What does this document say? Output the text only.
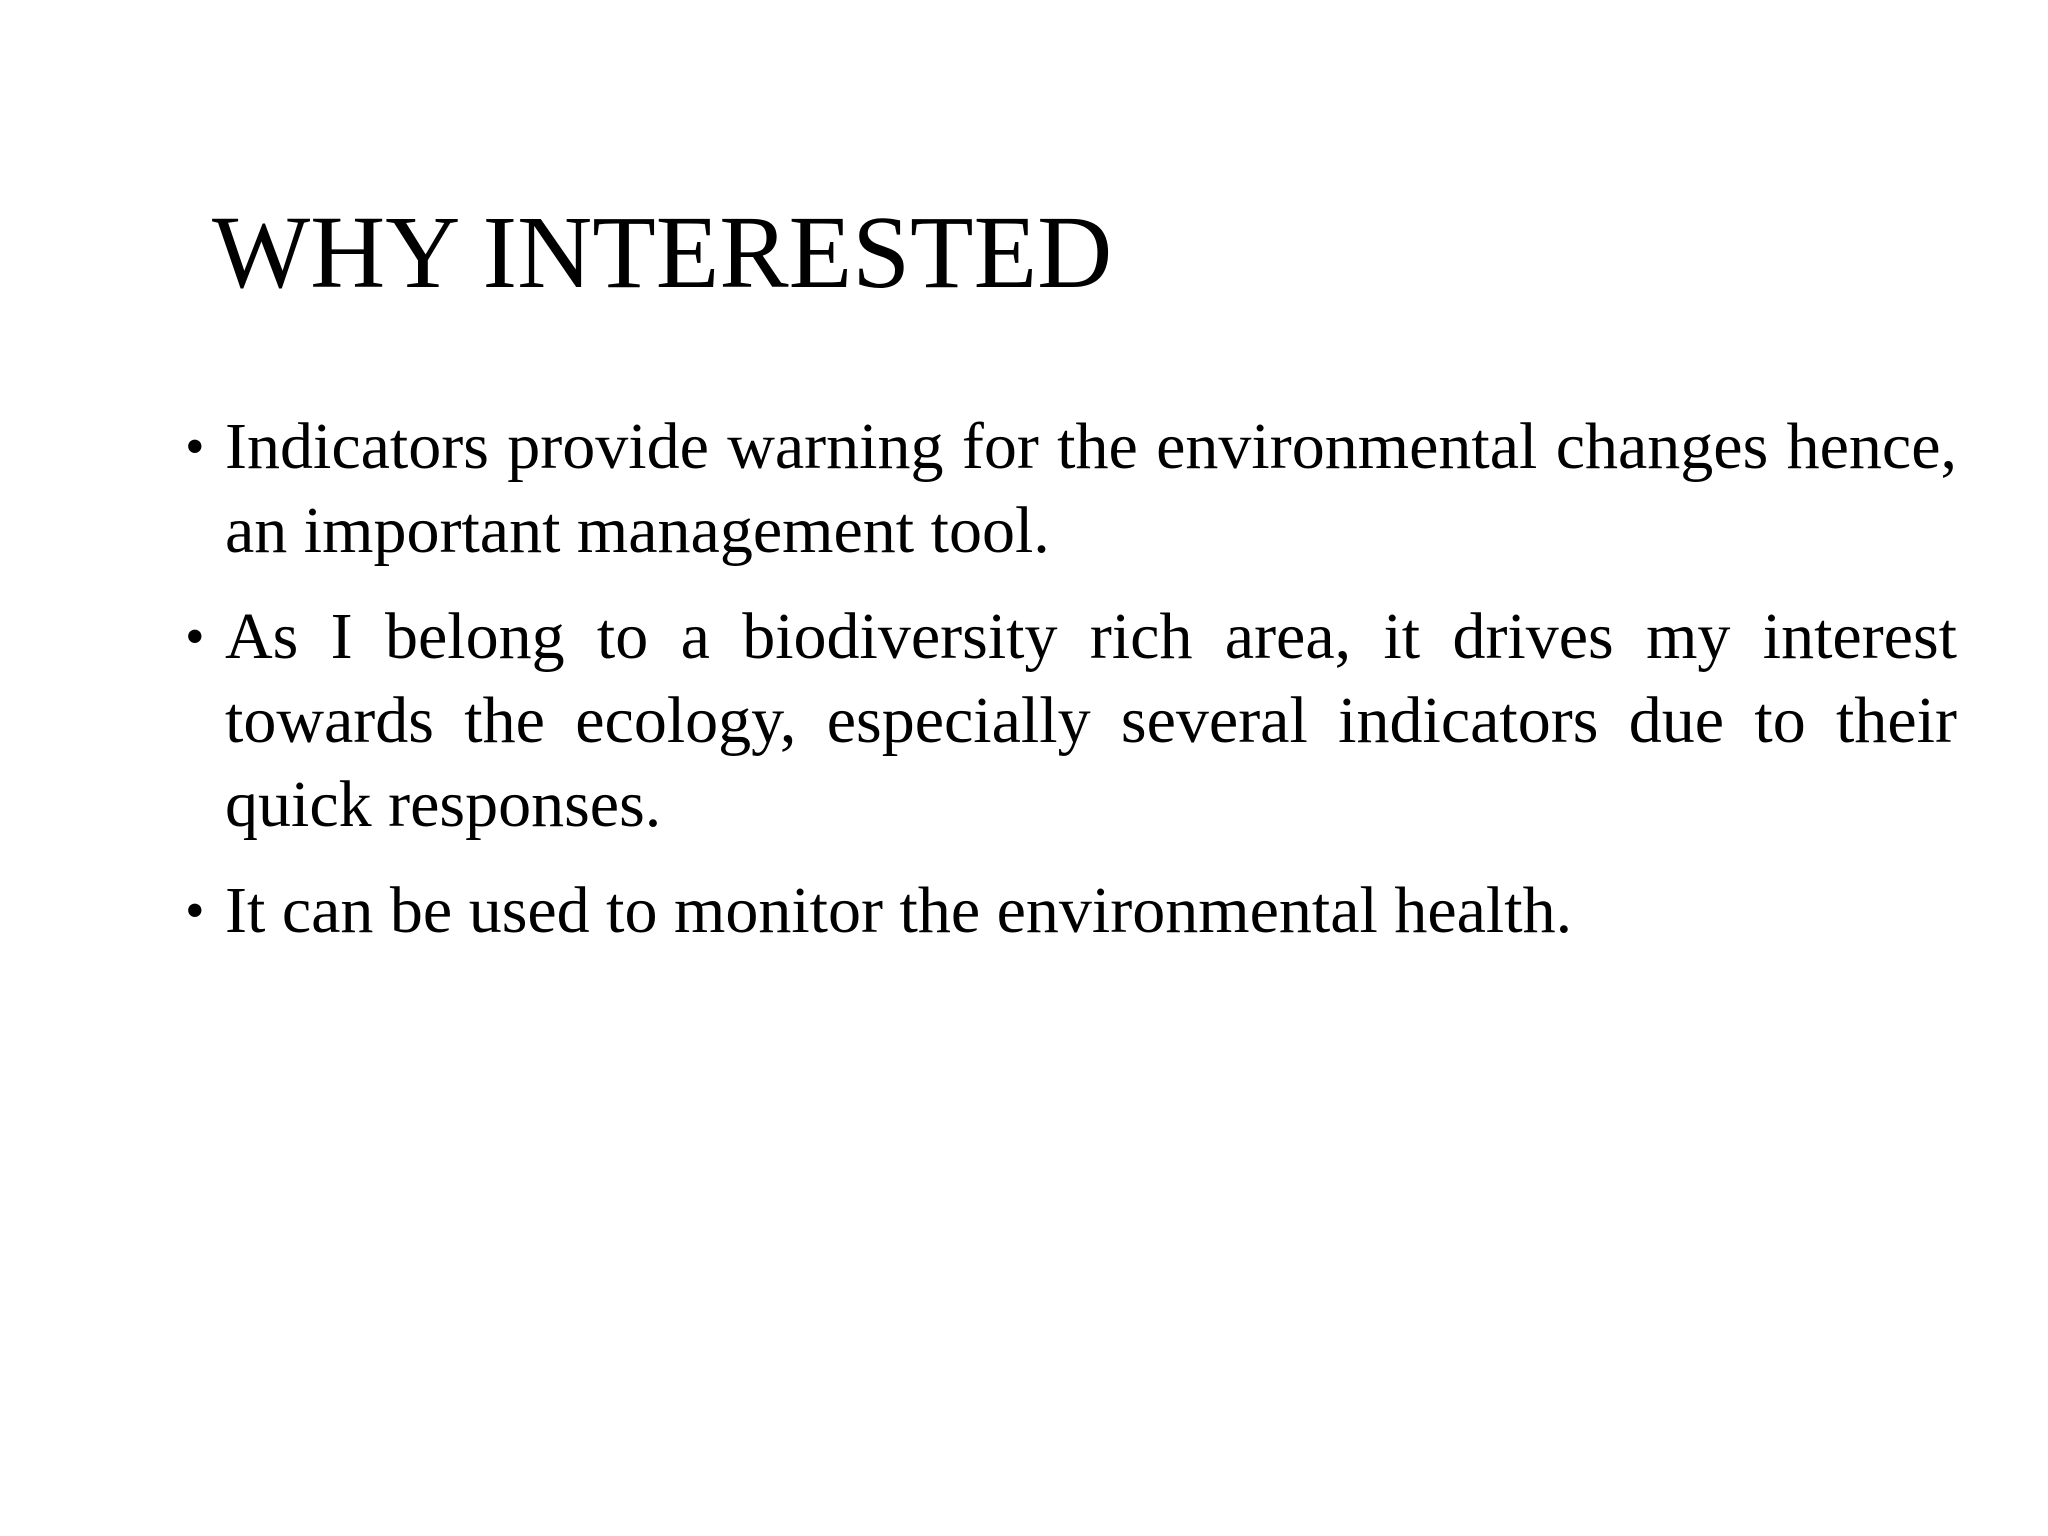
WHY INTERESTED
• Indicators provide warning for the environmental changes hence, an important management tool.
• As I belong to a biodiversity rich area, it drives my interest towards the ecology, especially several indicators due to their quick responses.
• It can be used to monitor the environmental health.
